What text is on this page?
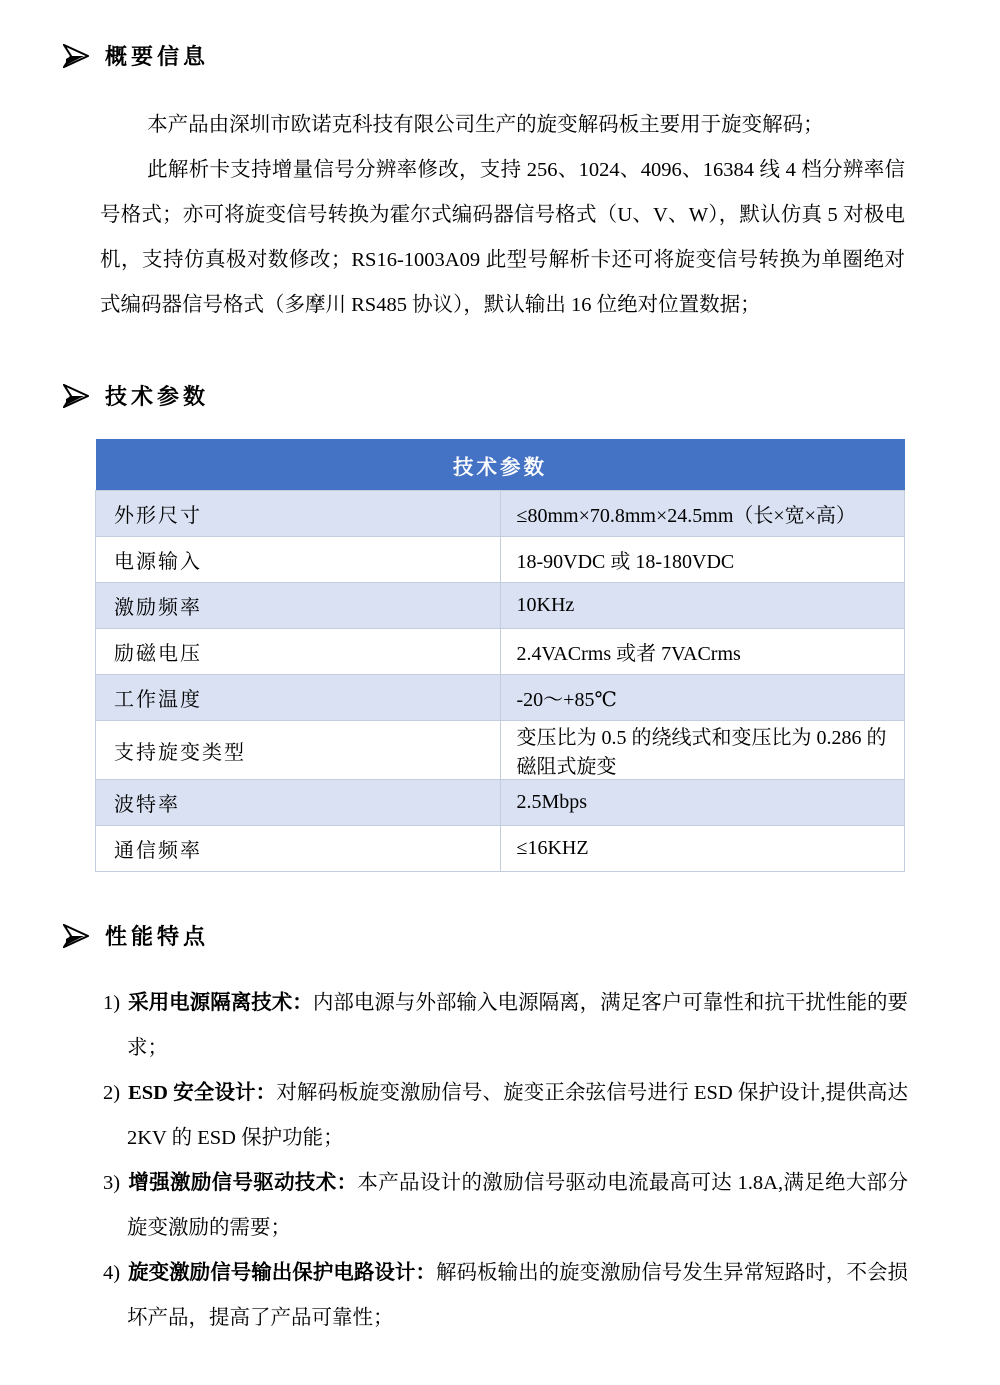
概要信息

本产品由深圳市欧诺克科技有限公司生产的旋变解码板主要用于旋变解码；

此解析卡支持增量信号分辨率修改，支持 256、1024、4096、16384 线 4 档分辨率信号格式；亦可将旋变信号转换为霍尔式编码器信号格式（U、V、W），默认仿真 5 对极电机，支持仿真极对数修改；RS16-1003A09 此型号解析卡还可将旋变信号转换为单圈绝对式编码器信号格式（多摩川 RS485 协议），默认输出 16 位绝对位置数据；

技术参数
技术参数	
外形尺寸	≤80mm×70.8mm×24.5mm（长×宽×高）
电源输入	18-90VDC 或 18-180VDC
激励频率	10KHz
励磁电压	2.4VACrms 或者 7VACrms
工作温度	-20～+85℃
支持旋变类型	变压比为 0.5 的绕线式和变压比为 0.286 的磁阻式旋变
波特率	2.5Mbps
通信频率	≤16KHZ
性能特点

1) 采用电源隔离技术：内部电源与外部输入电源隔离，满足客户可靠性和抗干扰性能的要求；

2) ESD 安全设计：对解码板旋变激励信号、旋变正余弦信号进行 ESD 保护设计,提供高达 2KV 的 ESD 保护功能；

3) 增强激励信号驱动技术：本产品设计的激励信号驱动电流最高可达 1.8A,满足绝大部分旋变激励的需要；

4) 旋变激励信号输出保护电路设计：解码板输出的旋变激励信号发生异常短路时，不会损坏产品，提高了产品可靠性；
